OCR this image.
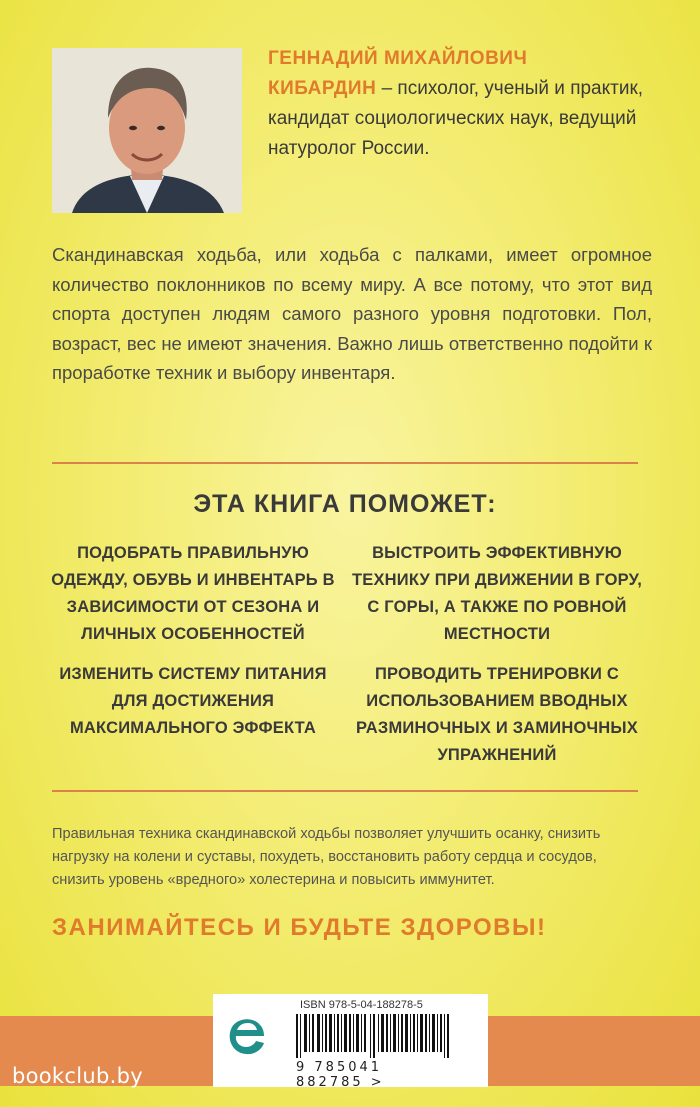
ГЕННАДИЙ МИХАЙЛОВИЧ
КИБАРДИН – психолог, ученый и практик, кандидат социологических наук, ведущий натуролог России.
Скандинавская ходьба, или ходьба с палками, имеет огромное количество поклонников по всему миру. А все потому, что этот вид спорта доступен людям самого разного уровня подготовки. Пол, возраст, вес не имеют значения. Важно лишь ответственно подойти к проработке техник и выбору инвентаря.
ЭТА КНИГА ПОМОЖЕТ:

ПОДОБРАТЬ ПРАВИЛЬНУЮ ОДЕЖДУ, ОБУВЬ И ИНВЕНТАРЬ В ЗАВИСИМОСТИ ОТ СЕЗОНА И ЛИЧНЫХ ОСОБЕННОСТЕЙ

ИЗМЕНИТЬ СИСТЕМУ ПИТАНИЯ ДЛЯ ДОСТИЖЕНИЯ МАКСИМАЛЬНОГО ЭФФЕКТА

ВЫСТРОИТЬ ЭФФЕКТИВНУЮ ТЕХНИКУ ПРИ ДВИЖЕНИИ В ГОРУ, С ГОРЫ, А ТАКЖЕ ПО РОВНОЙ МЕСТНОСТИ

ПРОВОДИТЬ ТРЕНИРОВКИ С ИСПОЛЬЗОВАНИЕМ ВВОДНЫХ РАЗМИНОЧНЫХ И ЗАМИНОЧНЫХ УПРАЖНЕНИЙ

Правильная техника скандинавской ходьбы позволяет улучшить осанку, снизить нагрузку на колени и суставы, похудеть, восстановить работу сердца и сосудов, снизить уровень «вредного» холестерина и повысить иммунитет.
ЗАНИМАЙТЕСЬ И БУДЬТЕ ЗДОРОВЫ!
ISBN 978-5-04-188278-5
9 785041 882785 >
bookclub.by
